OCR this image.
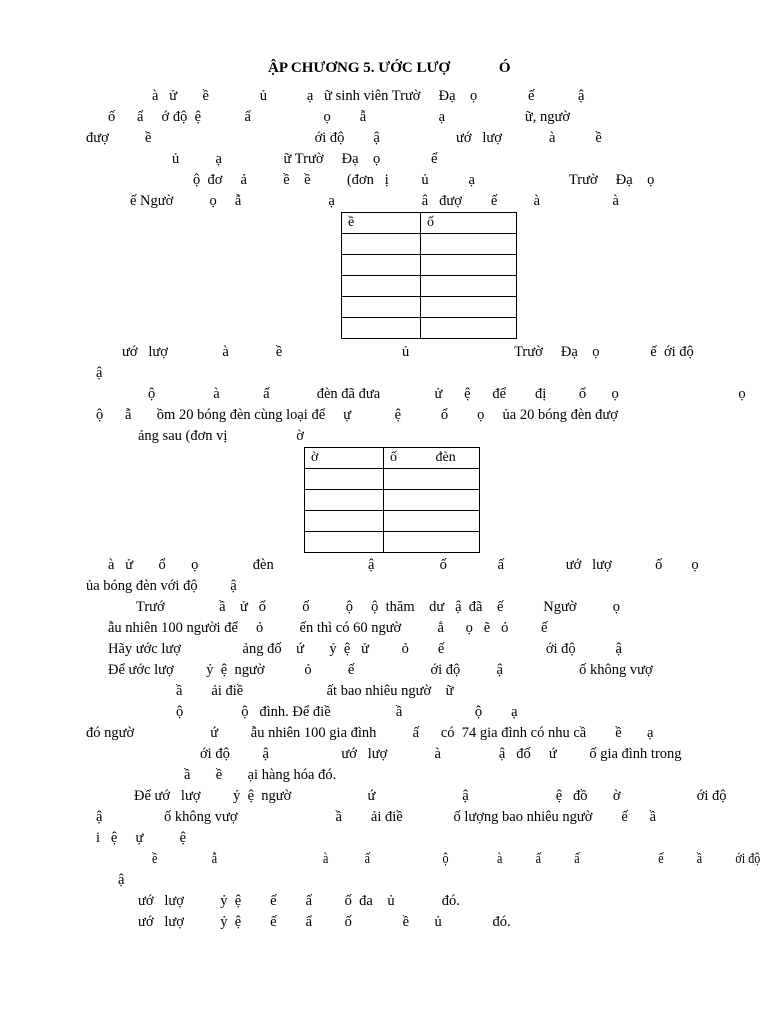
ẬP CHƯƠNG 5. ƯỚC LƯỢ             Ó
à   ử       ề              ủ           ạ   ữ sinh viên Trườ     Đạ    ọ              ế            ậ
ố      ẩ     ớ độ  ệ            ẩ                    ọ        ẫ                    ạ                      ữ, ngườ
đượ          ề                                             ới độ        ậ                     ướ   lượ             à           ề
ủ          ạ                 ữ Trườ     Đạ    ọ              ế
ộ  đơ     ả          ề    ề          (đơn   ị         ủ           ạ                          Trườ     Đạ    ọ
ế Ngườ          ọ     ẫ                        ạ                        â   đượ        ế          à                    à
ề	ố

ướ   lượ               à             ề                                 ủ                             Trườ     Đạ    ọ              ế  ới độ
ậ
ộ                à            ấ             đèn đã đưa               ử      ệ      để        đị         ổ       ọ                                 ọ
ộ      ẫ       ồm 20 bóng đèn cùng loại để     ự            ệ           ổ        ọ     ủa 20 bóng đèn đượ
ảng sau (đơn vị                   ờ
ờ	ố           đèn

à   ử       ổ       ọ               đèn                          ậ                  ố              ấ                 ướ   lượ            ổ        ọ
ủa bóng đèn với độ         ậ
Trướ               ầ    ử   ổ          ố          ộ     ộ  thăm    dư   ậ  đã    ế           Ngườ          ọ
ẫu nhiên 100 người để     ỏ          ến thì có 60 ngườ          ẳ      ọ   ẽ   ỏ         ế
Hãy ước lượ                 ảng đố    ứ       ỷ  ệ   ử         ỏ        ế                            ới độ           ậ
Để ước lượ         ỷ  ệ  ngườ           ỏ          ế                     ới độ          ậ                     ố không vượ
ầ        ải điề                       ất bao nhiêu ngườ    ữ
ộ                ộ   đình. Để điề                  ầ                    ộ        ạ
đó ngườ                     ứ         ẫu nhiên 100 gia đình          ấ      có  74 gia đình có nhu cầ        ề       ạ
ới độ         ậ                    ướ   lượ             à                ậ   đố     ứ         ố gia đình trong
ầ       ề       ại hàng hóa đó.
Để ướ   lượ         ỷ  ệ  ngườ                     ứ                        ậ                        ệ   đồ       ờ                     ới độ
ậ                 ố không vượ                           ầ        ải điề              ố lượng bao nhiêu ngườ        ế      ầ
i   ệ     ự          ệ
ề                  ẫ                                   à            ấ                        ộ                à           ấ           ấ                          ế           ầ           ới độ
ậ
ướ   lượ          ỷ  ệ        ế        ẩ         ố  đa    ủ             đó.
ướ   lượ          ỷ  ệ        ế        ẩ         ố              ề       ủ              đó.
